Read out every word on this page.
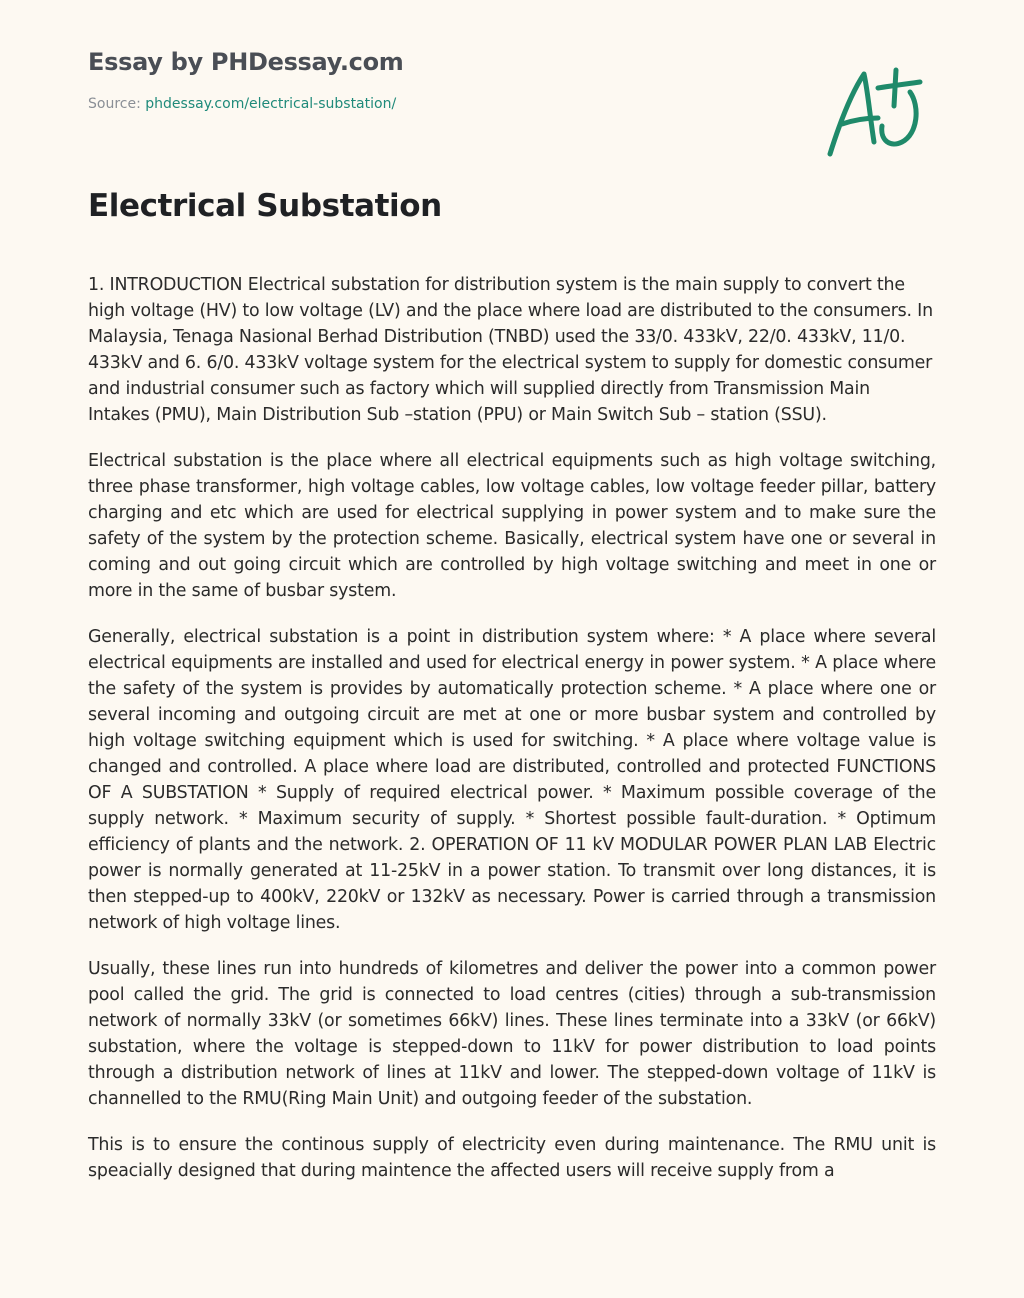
Essay by PHDessay.com
Source: phdessay.com/electrical-substation/
Electrical Substation

1. INTRODUCTION Electrical substation for distribution system is the main supply to convert the high voltage (HV) to low voltage (LV) and the place where load are distributed to the consumers. In Malaysia, Tenaga Nasional Berhad Distribution (TNBD) used the 33/0. 433kV, 22/0. 433kV, 11/0. 433kV and 6. 6/0. 433kV voltage system for the electrical system to supply for domestic consumer and industrial consumer such as factory which will supplied directly from Transmission Main Intakes (PMU), Main Distribution Sub –station (PPU) or Main Switch Sub – station (SSU).

Electrical substation is the place where all electrical equipments such as high voltage switching, three phase transformer, high voltage cables, low voltage cables, low voltage feeder pillar, battery charging and etc which are used for electrical supplying in power system and to make sure the safety of the system by the protection scheme. Basically, electrical system have one or several in coming and out going circuit which are controlled by high voltage switching and meet in one or more in the same of busbar system.

Generally, electrical substation is a point in distribution system where: * A place where several electrical equipments are installed and used for electrical energy in power system. * A place where the safety of the system is provides by automatically protection scheme. * A place where one or several incoming and outgoing circuit are met at one or more busbar system and controlled by high voltage switching equipment which is used for switching. * A place where voltage value is changed and controlled. A place where load are distributed, controlled and protected FUNCTIONS OF A SUBSTATION * Supply of required electrical power. * Maximum possible coverage of the supply network. * Maximum security of supply. * Shortest possible fault-duration. * Optimum efficiency of plants and the network. 2. OPERATION OF 11 kV MODULAR POWER PLAN LAB Electric power is normally generated at 11-25kV in a power station. To transmit over long distances, it is then stepped-up to 400kV, 220kV or 132kV as necessary. Power is carried through a transmission network of high voltage lines.

Usually, these lines run into hundreds of kilometres and deliver the power into a common power pool called the grid. The grid is connected to load centres (cities) through a sub-transmission network of normally 33kV (or sometimes 66kV) lines. These lines terminate into a 33kV (or 66kV) substation, where the voltage is stepped-down to 11kV for power distribution to load points through a distribution network of lines at 11kV and lower. The stepped-down voltage of 11kV is channelled to the RMU(Ring Main Unit) and outgoing feeder of the substation.

This is to ensure the continous supply of electricity even during maintenance. The RMU unit is speacially designed that during maintence the affected users will receive supply from a
